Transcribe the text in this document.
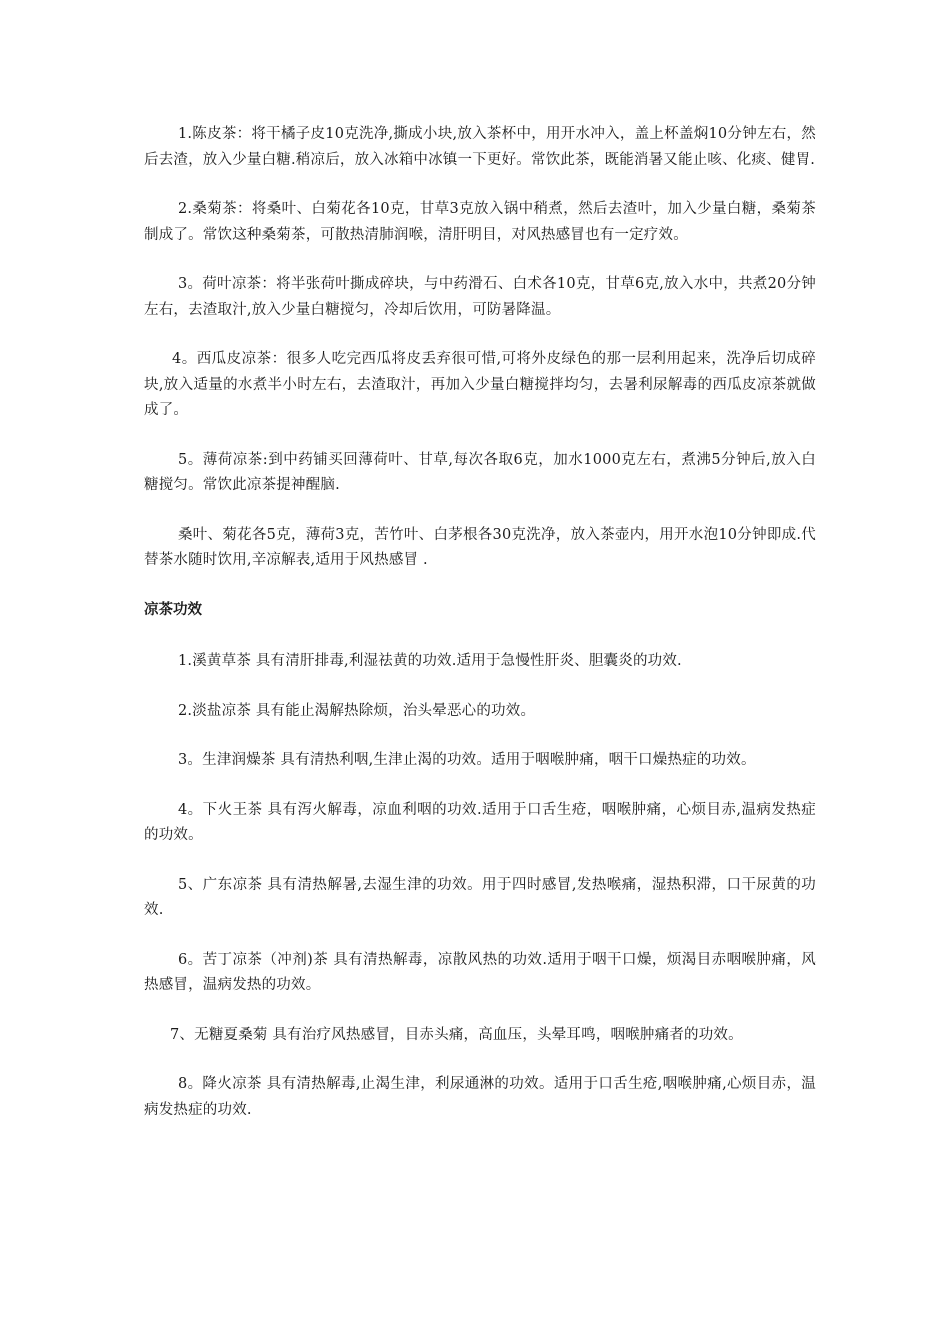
1.陈皮茶：将干橘子皮10克洗净,撕成小块,放入茶杯中，用开水冲入，盖上杯盖焖10分钟左右，然后去渣，放入少量白糖.稍凉后，放入冰箱中冰镇一下更好。常饮此茶，既能消暑又能止咳、化痰、健胃.

2.桑菊茶：将桑叶、白菊花各10克，甘草3克放入锅中稍煮，然后去渣叶，加入少量白糖，桑菊茶制成了。常饮这种桑菊茶，可散热清肺润喉，清肝明目，对风热感冒也有一定疗效。

3。荷叶凉茶：将半张荷叶撕成碎块，与中药滑石、白术各10克，甘草6克,放入水中，共煮20分钟左右，去渣取汁,放入少量白糖搅匀，冷却后饮用，可防暑降温。

4。西瓜皮凉茶：很多人吃完西瓜将皮丢弃很可惜,可将外皮绿色的那一层利用起来，洗净后切成碎块,放入适量的水煮半小时左右，去渣取汁，再加入少量白糖搅拌均匀，去暑利尿解毒的西瓜皮凉茶就做成了。

5。薄荷凉茶:到中药铺买回薄荷叶、甘草,每次各取6克，加水1000克左右，煮沸5分钟后,放入白糖搅匀。常饮此凉茶提神醒脑.

桑叶、菊花各5克，薄荷3克，苦竹叶、白茅根各30克洗净，放入茶壶内，用开水泡10分钟即成.代替茶水随时饮用,辛凉解表,适用于风热感冒 .

凉茶功效

1.溪黄草茶 具有清肝排毒,利湿祛黄的功效.适用于急慢性肝炎、胆囊炎的功效.

2.淡盐凉茶 具有能止渴解热除烦，治头晕恶心的功效。

3。生津润燥茶 具有清热利咽,生津止渴的功效。适用于咽喉肿痛，咽干口燥热症的功效。

4。下火王茶 具有泻火解毒，凉血利咽的功效.适用于口舌生疮，咽喉肿痛，心烦目赤,温病发热症的功效。

5、广东凉茶 具有清热解暑,去湿生津的功效。用于四时感冒,发热喉痛，湿热积滞，口干尿黄的功效.

6。苦丁凉茶（冲剂)茶 具有清热解毒，凉散风热的功效.适用于咽干口燥，烦渴目赤咽喉肿痛，风热感冒，温病发热的功效。

7、无糖夏桑菊 具有治疗风热感冒，目赤头痛，高血压，头晕耳鸣，咽喉肿痛者的功效。

8。降火凉茶 具有清热解毒,止渴生津，利尿通淋的功效。适用于口舌生疮,咽喉肿痛,心烦目赤，温病发热症的功效.
